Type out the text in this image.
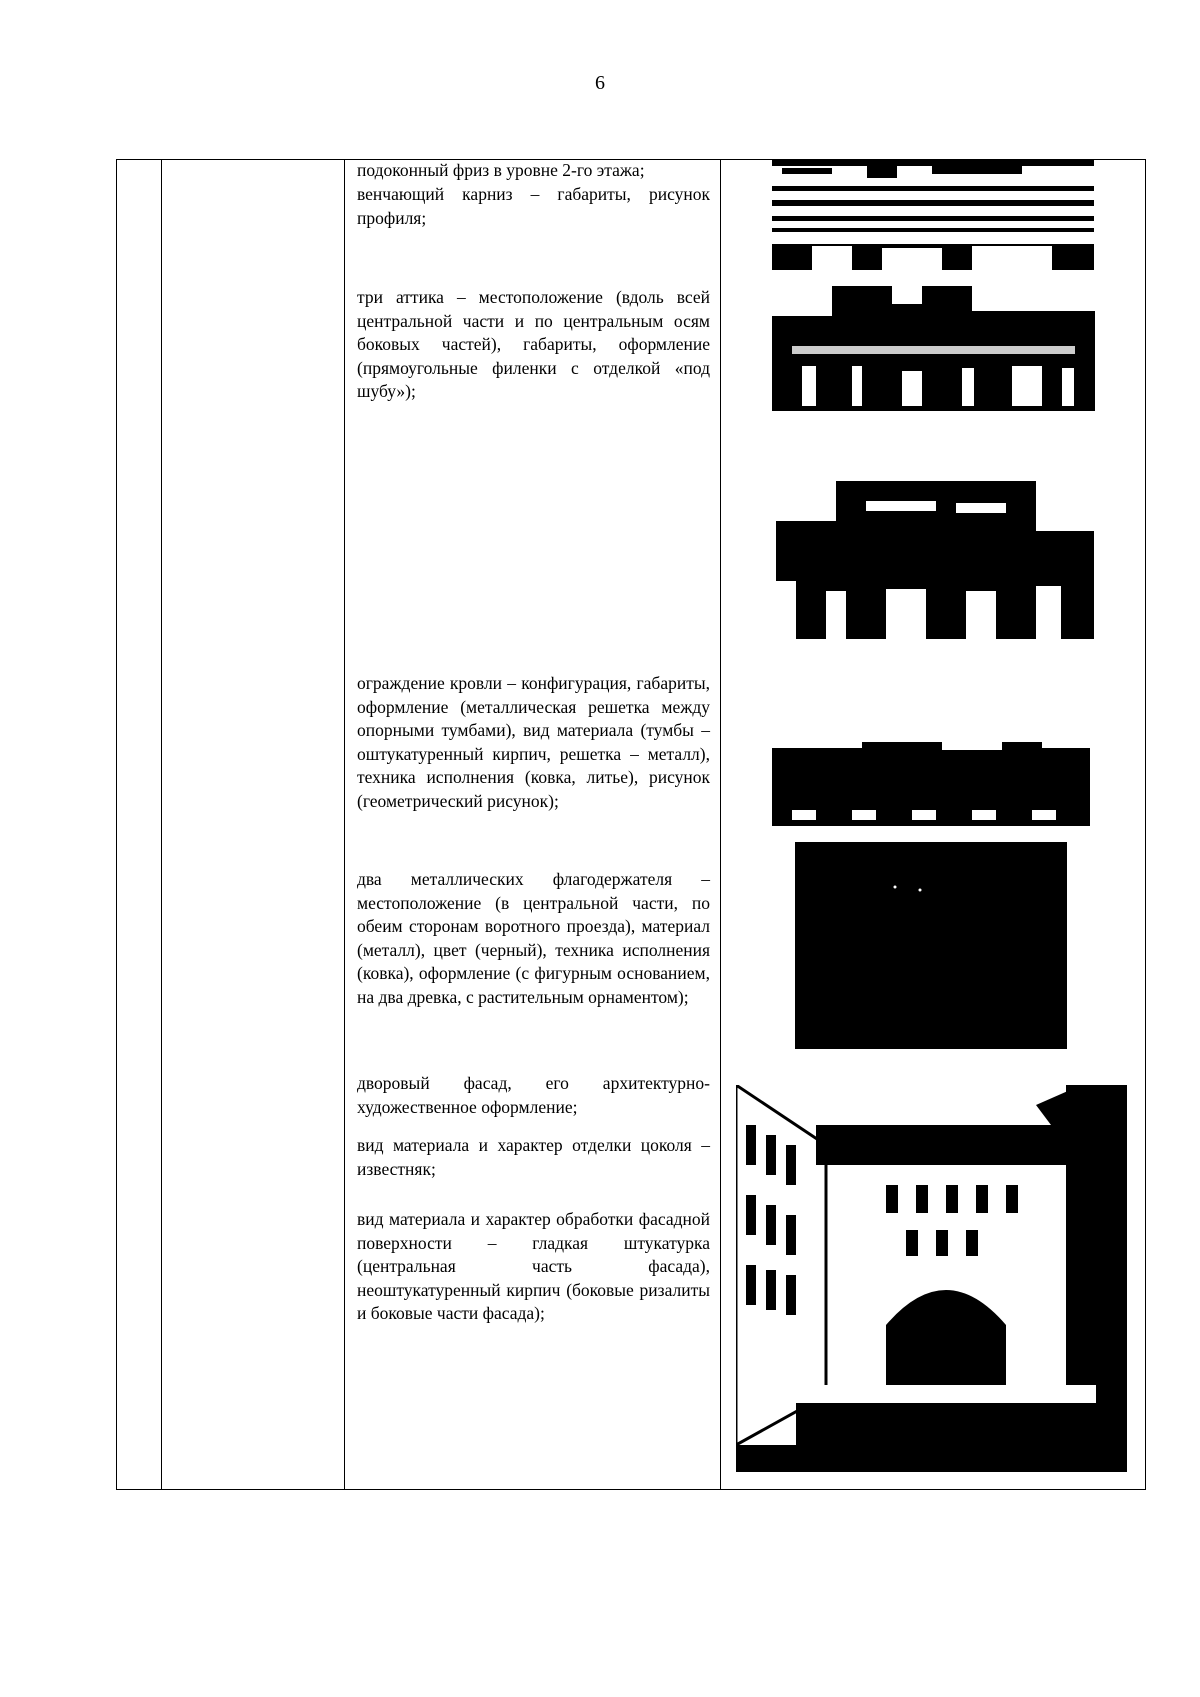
6
подоконный фриз в уровне 2-го этажа;
венчающий карниз – габариты, рисунок профиля;
три аттика – местоположение (вдоль всей центральной части и по центральным осям боковых частей), габариты, оформление (прямоугольные филенки с отделкой «под шубу»);
ограждение кровли – конфигурация, габариты, оформление (металлическая решетка между опорными тумбами), вид материала (тумбы – оштукатуренный кирпич, решетка – металл), техника исполнения (ковка, литье), рисунок (геометрический рисунок);
два металлических флагодержателя – местоположение (в центральной части, по обеим сторонам воротного проезда), материал (металл), цвет (черный), техника исполнения (ковка), оформление (с фигурным основанием, на два древка, с растительным орнаментом);
дворовый фасад, его архитектурно-художественное оформление;
вид материала и характер отделки цоколя – известняк;
вид материала и характер обработки фасадной поверхности – гладкая штукатурка (центральная часть фасада), неоштукатуренный кирпич (боковые ризалиты и боковые части фасада);
